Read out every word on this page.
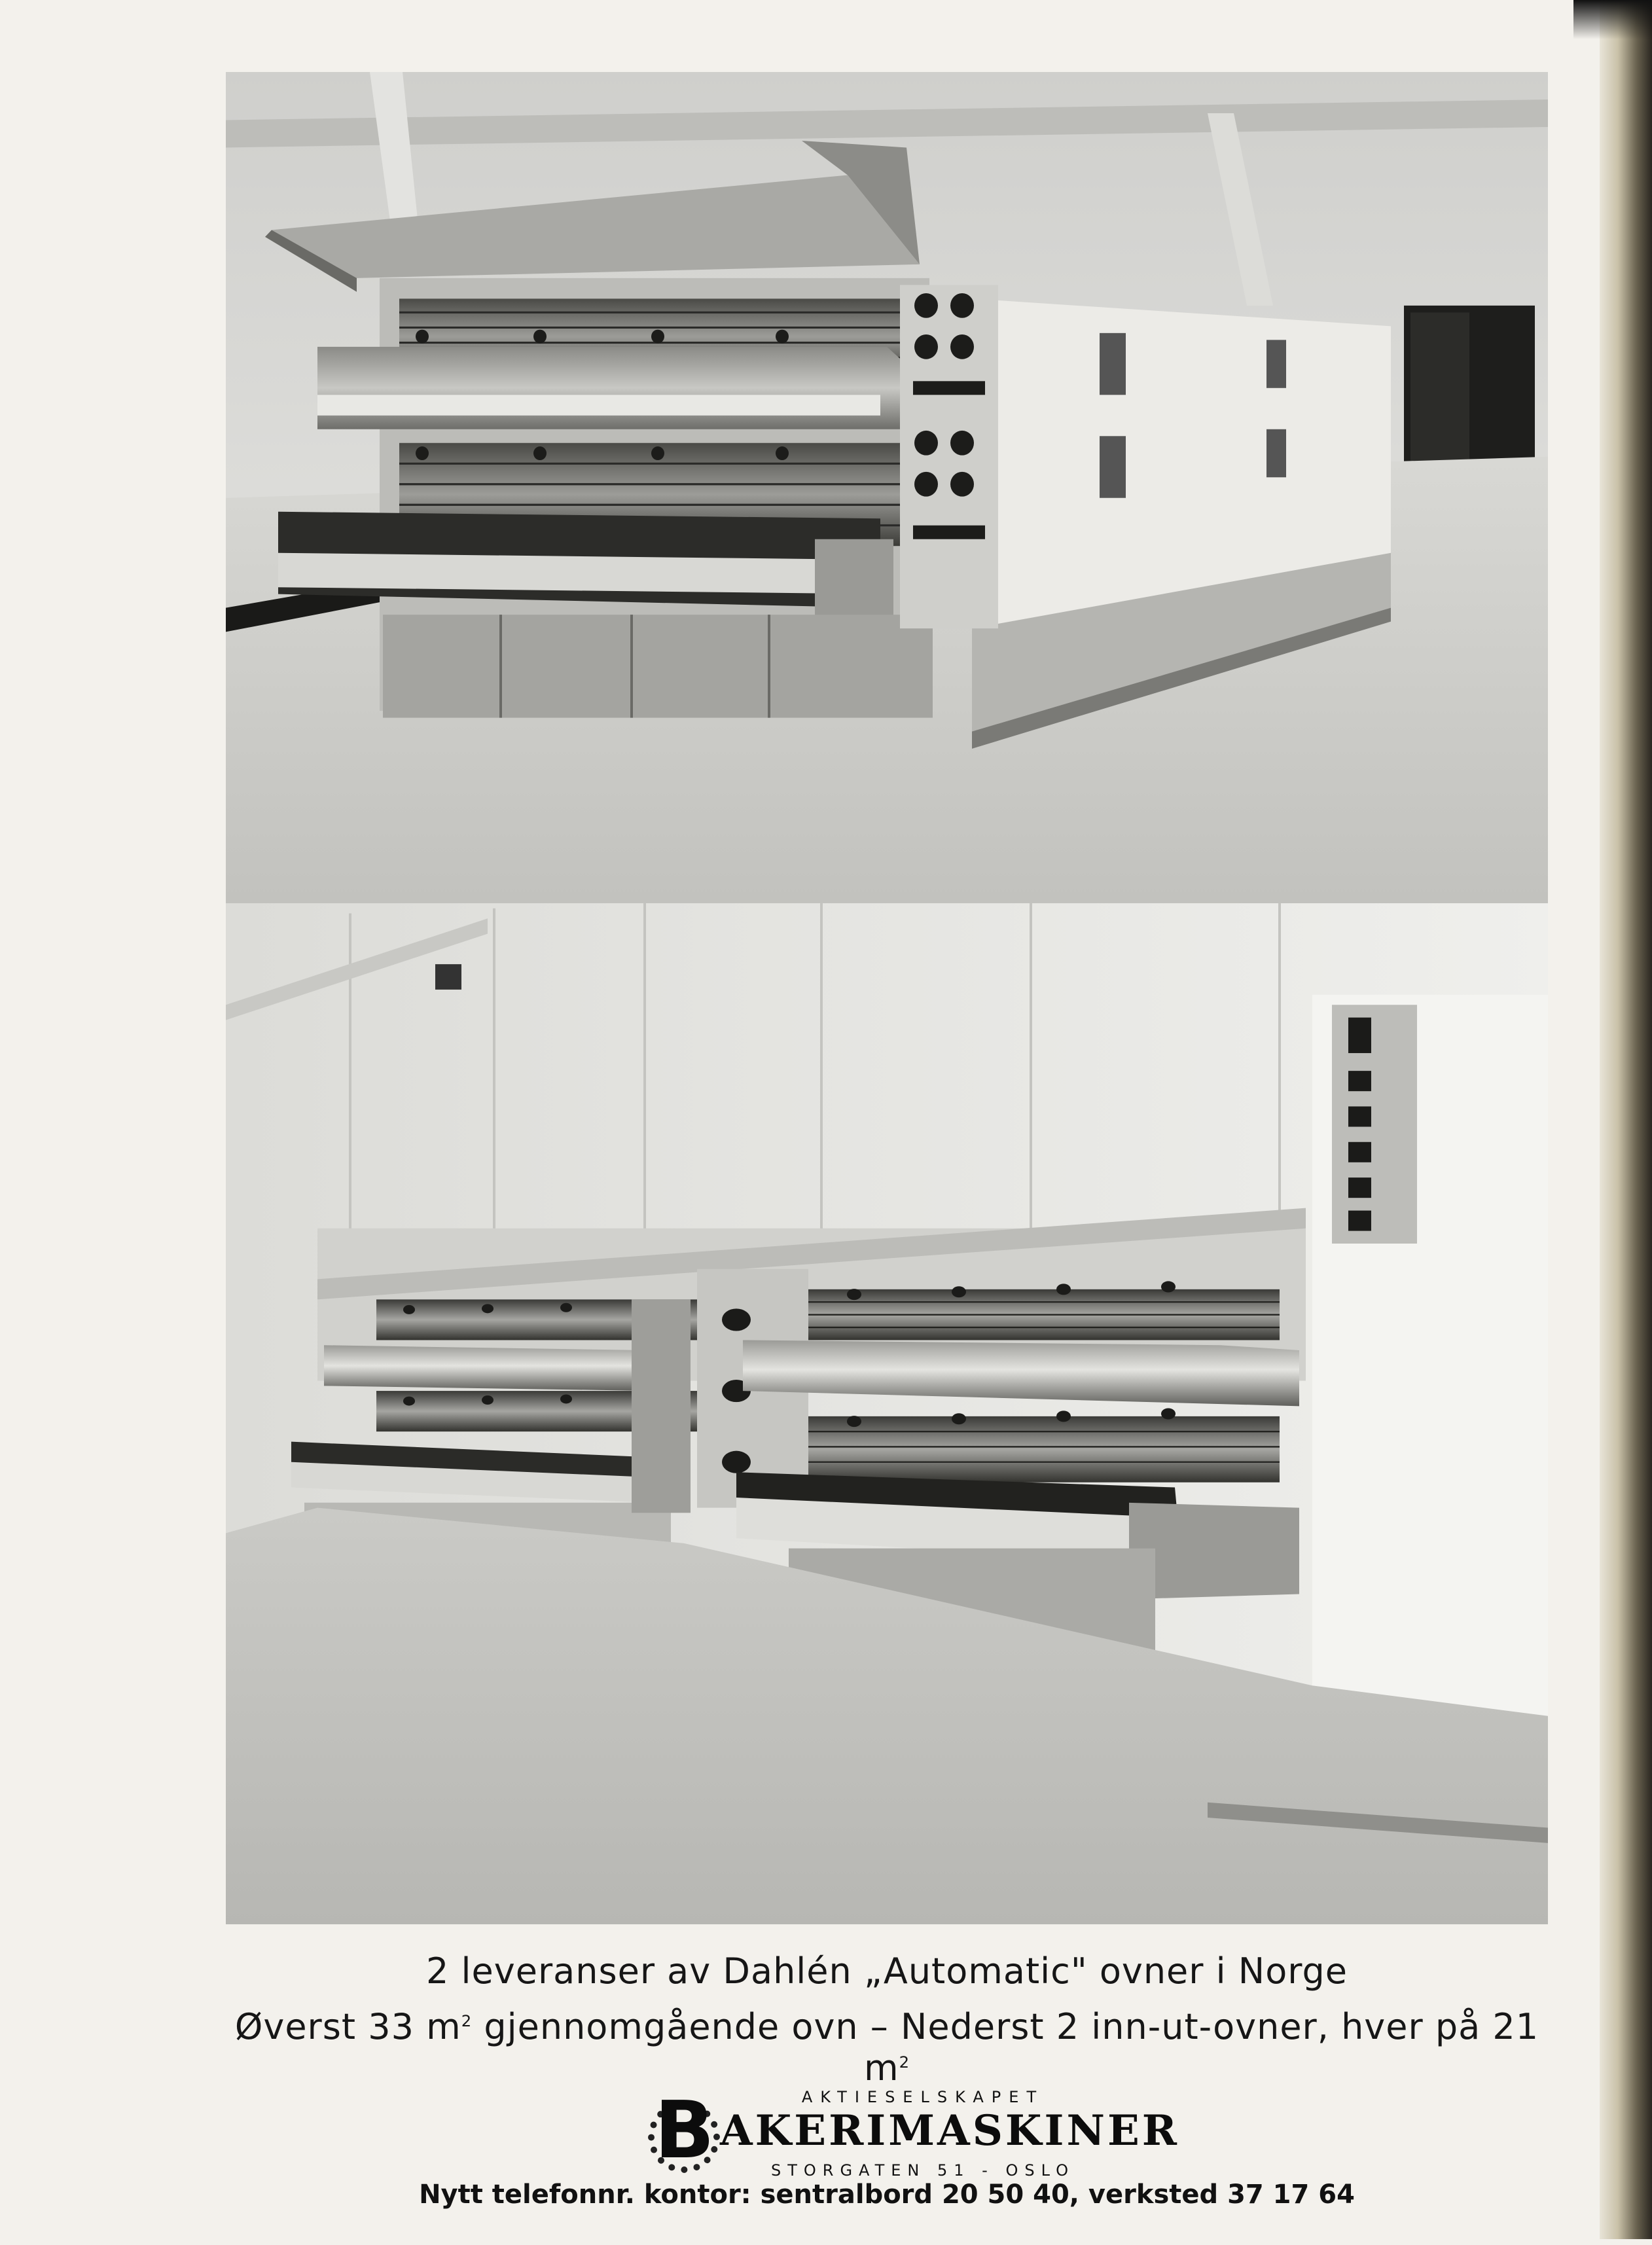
2 leveranser av Dahlén „Automatic" ovner i Norge
Øverst 33 $m^2$ gjennomgående ovn – Nederst 2 inn-ut-ovner, hver på 21 $m^2$
AKTIESELSKAPET
B AKERIMASKINER
STORGATEN 51 - OSLO
Nytt telefonnr. kontor: sentralbord 20 50 40, verksted 37 17 64
